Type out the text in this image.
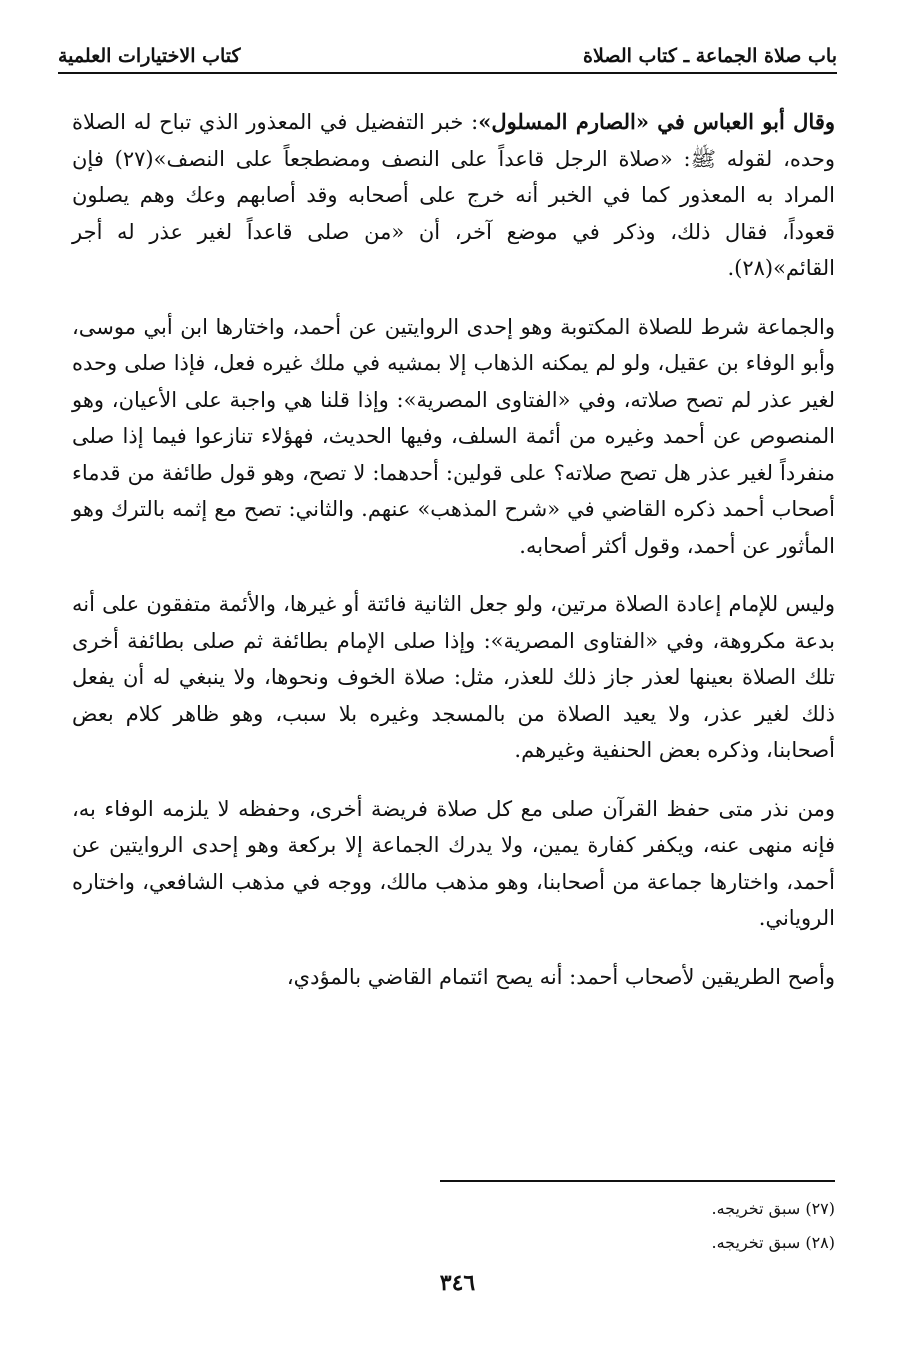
باب صلاة الجماعة ـ كتاب الصلاة
كتاب الاختيارات العلمية

وقال أبو العباس في «الصارم المسلول»: خبر التفضيل في المعذور الذي تباح له الصلاة وحده، لقوله ﷺ: «صلاة الرجل قاعداً على النصف ومضطجعاً على النصف»(٢٧) فإن المراد به المعذور كما في الخبر أنه خرج على أصحابه وقد أصابهم وعك وهم يصلون قعوداً، فقال ذلك، وذكر في موضع آخر، أن «من صلى قاعداً لغير عذر له أجر القائم»(٢٨).

والجماعة شرط للصلاة المكتوبة وهو إحدى الروايتين عن أحمد، واختارها ابن أبي موسى، وأبو الوفاء بن عقيل، ولو لم يمكنه الذهاب إلا بمشيه في ملك غيره فعل، فإذا صلى وحده لغير عذر لم تصح صلاته، وفي «الفتاوى المصرية»: وإذا قلنا هي واجبة على الأعيان، وهو المنصوص عن أحمد وغيره من أئمة السلف، وفيها الحديث، فهؤلاء تنازعوا فيما إذا صلى منفرداً لغير عذر هل تصح صلاته؟ على قولين: أحدهما: لا تصح، وهو قول طائفة من قدماء أصحاب أحمد ذكره القاضي في «شرح المذهب» عنهم. والثاني: تصح مع إثمه بالترك وهو المأثور عن أحمد، وقول أكثر أصحابه.

وليس للإمام إعادة الصلاة مرتين، ولو جعل الثانية فائتة أو غيرها، والأئمة متفقون على أنه بدعة مكروهة، وفي «الفتاوى المصرية»: وإذا صلى الإمام بطائفة ثم صلى بطائفة أخرى تلك الصلاة بعينها لعذر جاز ذلك للعذر، مثل: صلاة الخوف ونحوها، ولا ينبغي له أن يفعل ذلك لغير عذر، ولا يعيد الصلاة من بالمسجد وغيره بلا سبب، وهو ظاهر كلام بعض أصحابنا، وذكره بعض الحنفية وغيرهم.

ومن نذر متى حفظ القرآن صلى مع كل صلاة فريضة أخرى، وحفظه لا يلزمه الوفاء به، فإنه منهى عنه، ويكفر كفارة يمين، ولا يدرك الجماعة إلا بركعة وهو إحدى الروايتين عن أحمد، واختارها جماعة من أصحابنا، وهو مذهب مالك، ووجه في مذهب الشافعي، واختاره الروياني.

وأصح الطريقين لأصحاب أحمد: أنه يصح ائتمام القاضي بالمؤدي،

(٢٧) سبق تخريجه.

(٢٨) سبق تخريجه.

٣٤٦
